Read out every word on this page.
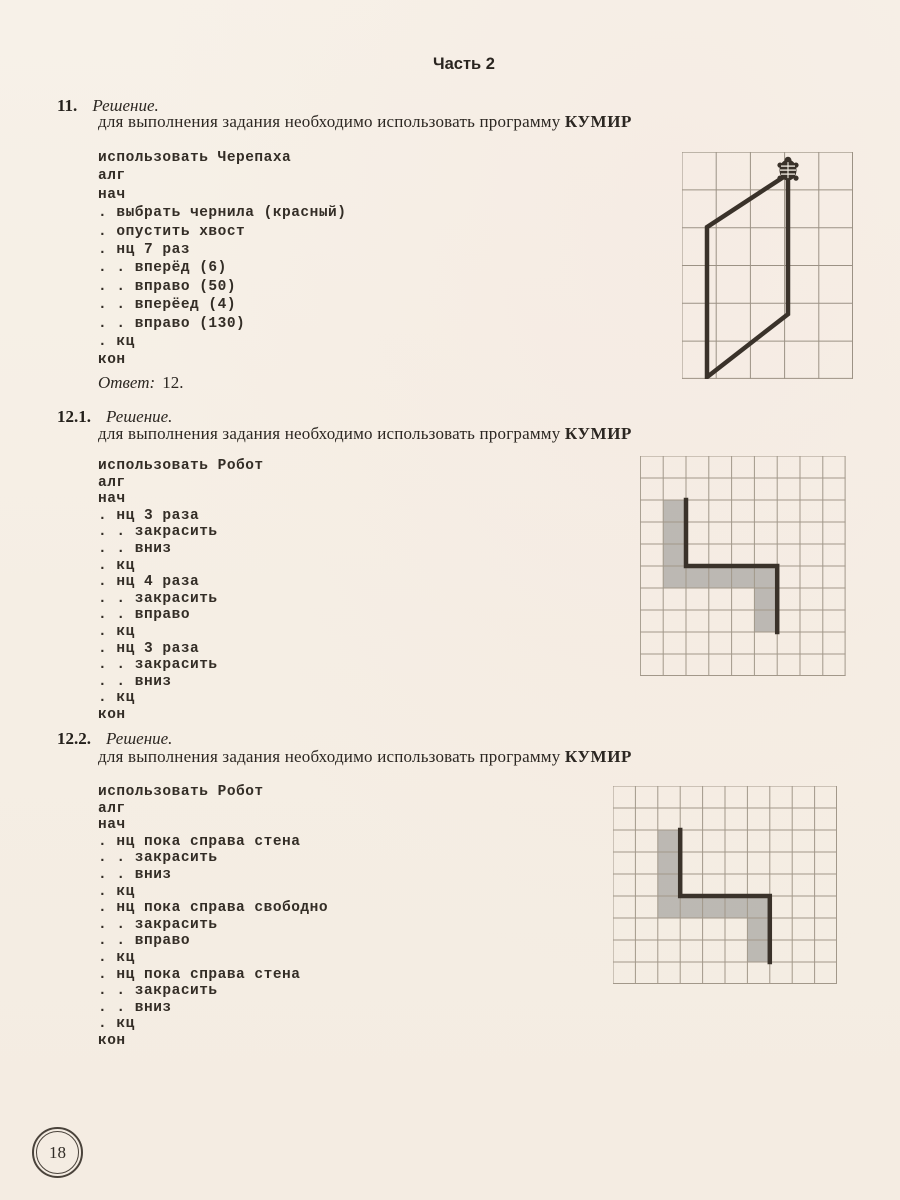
Часть 2
11. Решение.

для выполнения задания необходимо использовать программу КУМИР

использовать Черепаха
алг
нач
. выбрать чернила (красный)
. опустить хвост
. нц 7 раз
. . вперёд (6)
. . вправо (50)
. . вперёед (4)
. . вправо (130)
. кц
кон
Ответ: 12.
12.1. Решение.

для выполнения задания необходимо использовать программу КУМИР

использовать Робот
алг
нач
. нц 3 раза
. . закрасить
. . вниз
. кц
. нц 4 раза
. . закрасить
. . вправо
. кц
. нц 3 раза
. . закрасить
. . вниз
. кц
кон
12.2. Решение.

для выполнения задания необходимо использовать программу КУМИР

использовать Робот
алг
нач
. нц пока справа стена
. . закрасить
. . вниз
. кц
. нц пока справа свободно
. . закрасить
. . вправо
. кц
. нц пока справа стена
. . закрасить
. . вниз
. кц
кон
18
